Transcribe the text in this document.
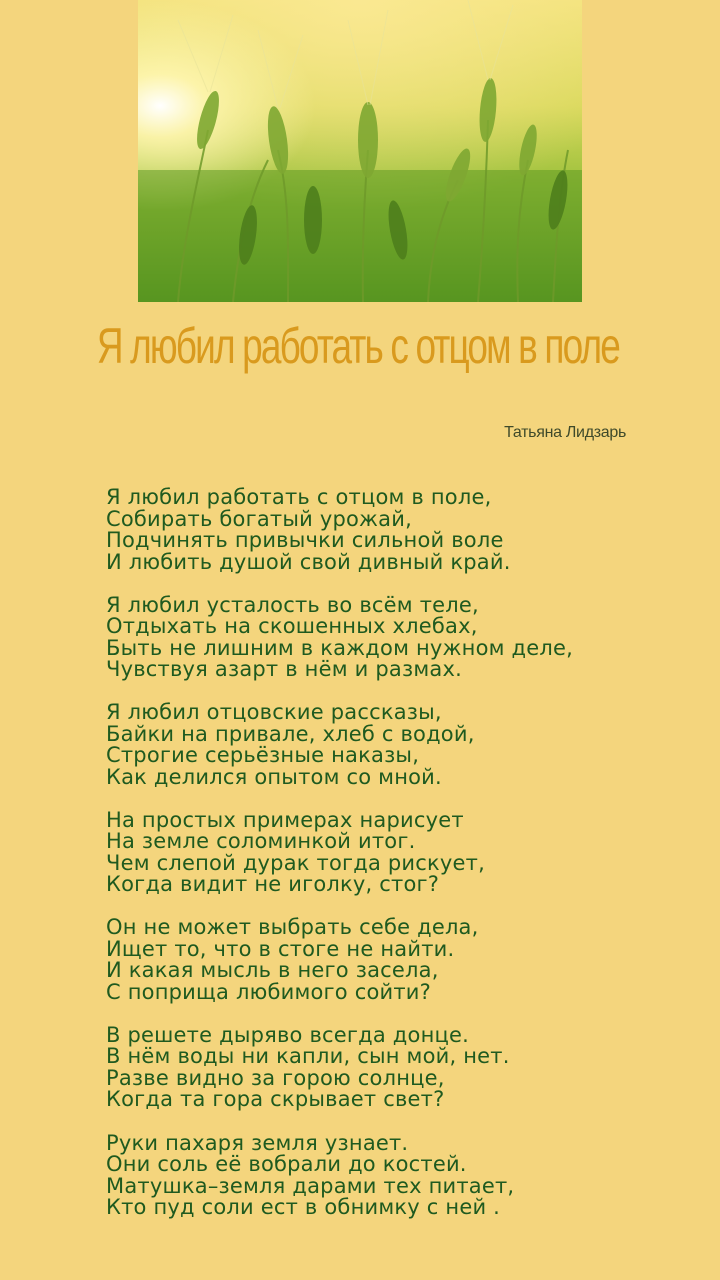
Я любил работать с отцом в поле
Татьяна Лидзарь
Я любил работать с отцом в поле,
Собирать богатый урожай,
Подчинять привычки сильной воле
И любить душой свой дивный край.
Я любил усталость во всём теле,
Отдыхать на скошенных хлебах,
Быть не лишним в каждом нужном деле,
Чувствуя азарт в нём и размах.
Я любил отцовские рассказы,
Байки на привале, хлеб с водой,
Строгие серьёзные наказы,
Как делился опытом со мной.
На простых примерах нарисует
На земле соломинкой итог.
Чем слепой дурак тогда рискует,
Когда видит не иголку, стог?
Он не может выбрать себе дела,
Ищет то, что в стоге не найти.
И какая мысль в него засела,
С поприща любимого сойти?
В решете дыряво всегда донце.
В нём воды ни капли, сын мой, нет.
Разве видно за горою солнце,
Когда та гора скрывает свет?
Руки пахаря земля узнает.
Они соль её вобрали до костей.
Матушка–земля дарами тех питает,
Кто пуд соли ест в обнимку с ней .
